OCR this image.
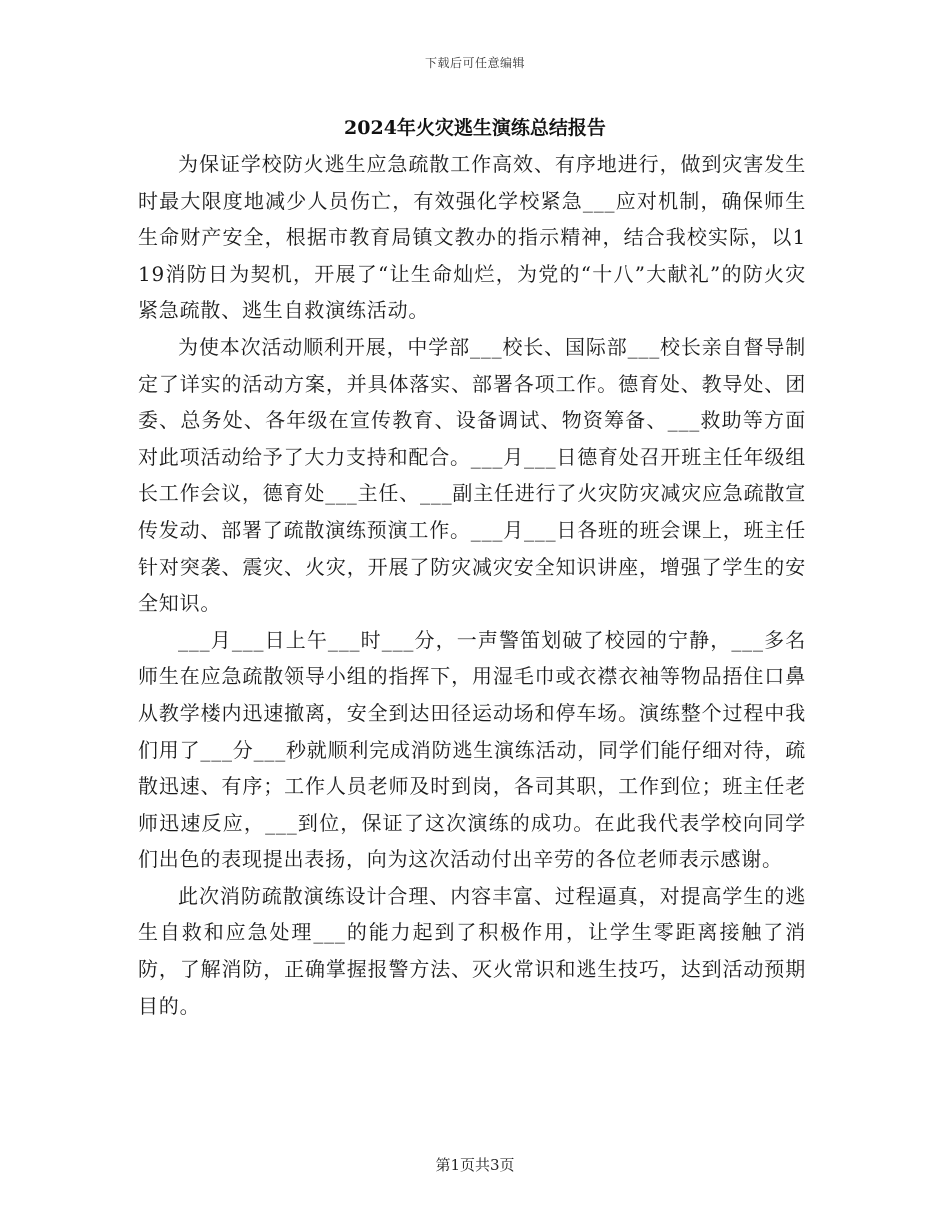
下载后可任意编辑
2024年火灾逃生演练总结报告

为保证学校防火逃生应急疏散工作高效、有序地进行，做到灾害发生时最大限度地减少人员伤亡，有效强化学校紧急___应对机制，确保师生生命财产安全，根据市教育局镇文教办的指示精神，结合我校实际，以119消防日为契机，开展了“让生命灿烂，为党的“十八”大献礼”的防火灾紧急疏散、逃生自救演练活动。

为使本次活动顺利开展，中学部___校长、国际部___校长亲自督导制定了详实的活动方案，并具体落实、部署各项工作。德育处、教导处、团委、总务处、各年级在宣传教育、设备调试、物资筹备、___救助等方面对此项活动给予了大力支持和配合。___月___日德育处召开班主任年级组长工作会议，德育处___主任、___副主任进行了火灾防灾减灾应急疏散宣传发动、部署了疏散演练预演工作。___月___日各班的班会课上，班主任针对突袭、震灾、火灾，开展了防灾减灾安全知识讲座，增强了学生的安全知识。

___月___日上午___时___分，一声警笛划破了校园的宁静，___多名师生在应急疏散领导小组的指挥下，用湿毛巾或衣襟衣袖等物品捂住口鼻从教学楼内迅速撤离，安全到达田径运动场和停车场。演练整个过程中我们用了___分___秒就顺利完成消防逃生演练活动，同学们能仔细对待，疏散迅速、有序；工作人员老师及时到岗，各司其职，工作到位；班主任老师迅速反应，___到位，保证了这次演练的成功。在此我代表学校向同学们出色的表现提出表扬，向为这次活动付出辛劳的各位老师表示感谢。

此次消防疏散演练设计合理、内容丰富、过程逼真，对提高学生的逃生自救和应急处理___的能力起到了积极作用，让学生零距离接触了消防，了解消防，正确掌握报警方法、灭火常识和逃生技巧，达到活动预期目的。

第1页共3页
